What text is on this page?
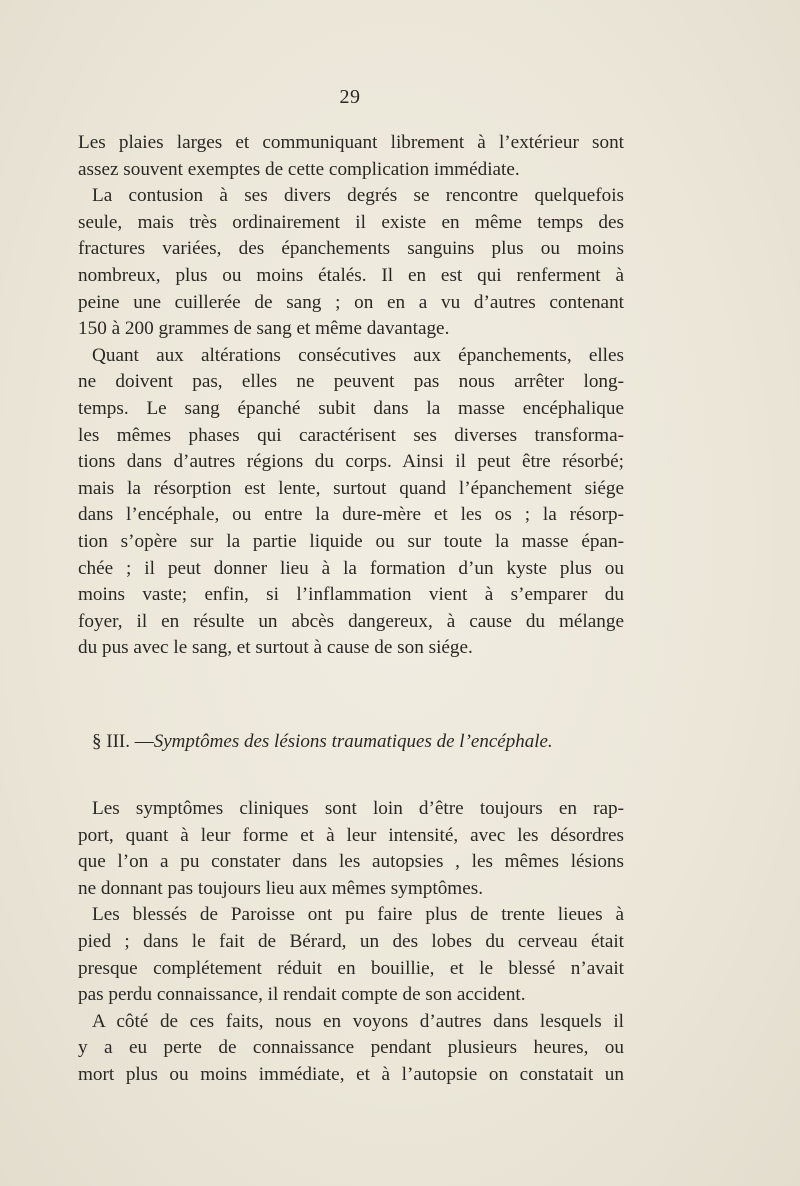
29
Les plaies larges et communiquant librement à l’extérieur sont
assez souvent exemptes de cette complication immédiate.
La contusion à ses divers degrés se rencontre quelquefois
seule, mais très ordinairement il existe en même temps des
fractures variées, des épanchements sanguins plus ou moins
nombreux, plus ou moins étalés. Il en est qui renferment à
peine une cuillerée de sang ; on en a vu d’autres contenant
150 à 200 grammes de sang et même davantage.
Quant aux altérations consécutives aux épanchements, elles
ne doivent pas, elles ne peuvent pas nous arrêter long-
temps. Le sang épanché subit dans la masse encéphalique
les mêmes phases qui caractérisent ses diverses transforma-
tions dans d’autres régions du corps. Ainsi il peut être résorbé;
mais la résorption est lente, surtout quand l’épanchement siége
dans l’encéphale, ou entre la dure-mère et les os ; la résorp-
tion s’opère sur la partie liquide ou sur toute la masse épan-
chée ; il peut donner lieu à la formation d’un kyste plus ou
moins vaste; enfin, si l’inflammation vient à s’emparer du
foyer, il en résulte un abcès dangereux, à cause du mélange
du pus avec le sang, et surtout à cause de son siége.
§ III. —Symptômes des lésions traumatiques de l’encéphale.
Les symptômes cliniques sont loin d’être toujours en rap-
port, quant à leur forme et à leur intensité, avec les désordres
que l’on a pu constater dans les autopsies , les mêmes lésions
ne donnant pas toujours lieu aux mêmes symptômes.
Les blessés de Paroisse ont pu faire plus de trente lieues à
pied ; dans le fait de Bérard, un des lobes du cerveau était
presque complétement réduit en bouillie, et le blessé n’avait
pas perdu connaissance, il rendait compte de son accident.
A côté de ces faits, nous en voyons d’autres dans lesquels il
y a eu perte de connaissance pendant plusieurs heures, ou
mort plus ou moins immédiate, et à l’autopsie on constatait un
